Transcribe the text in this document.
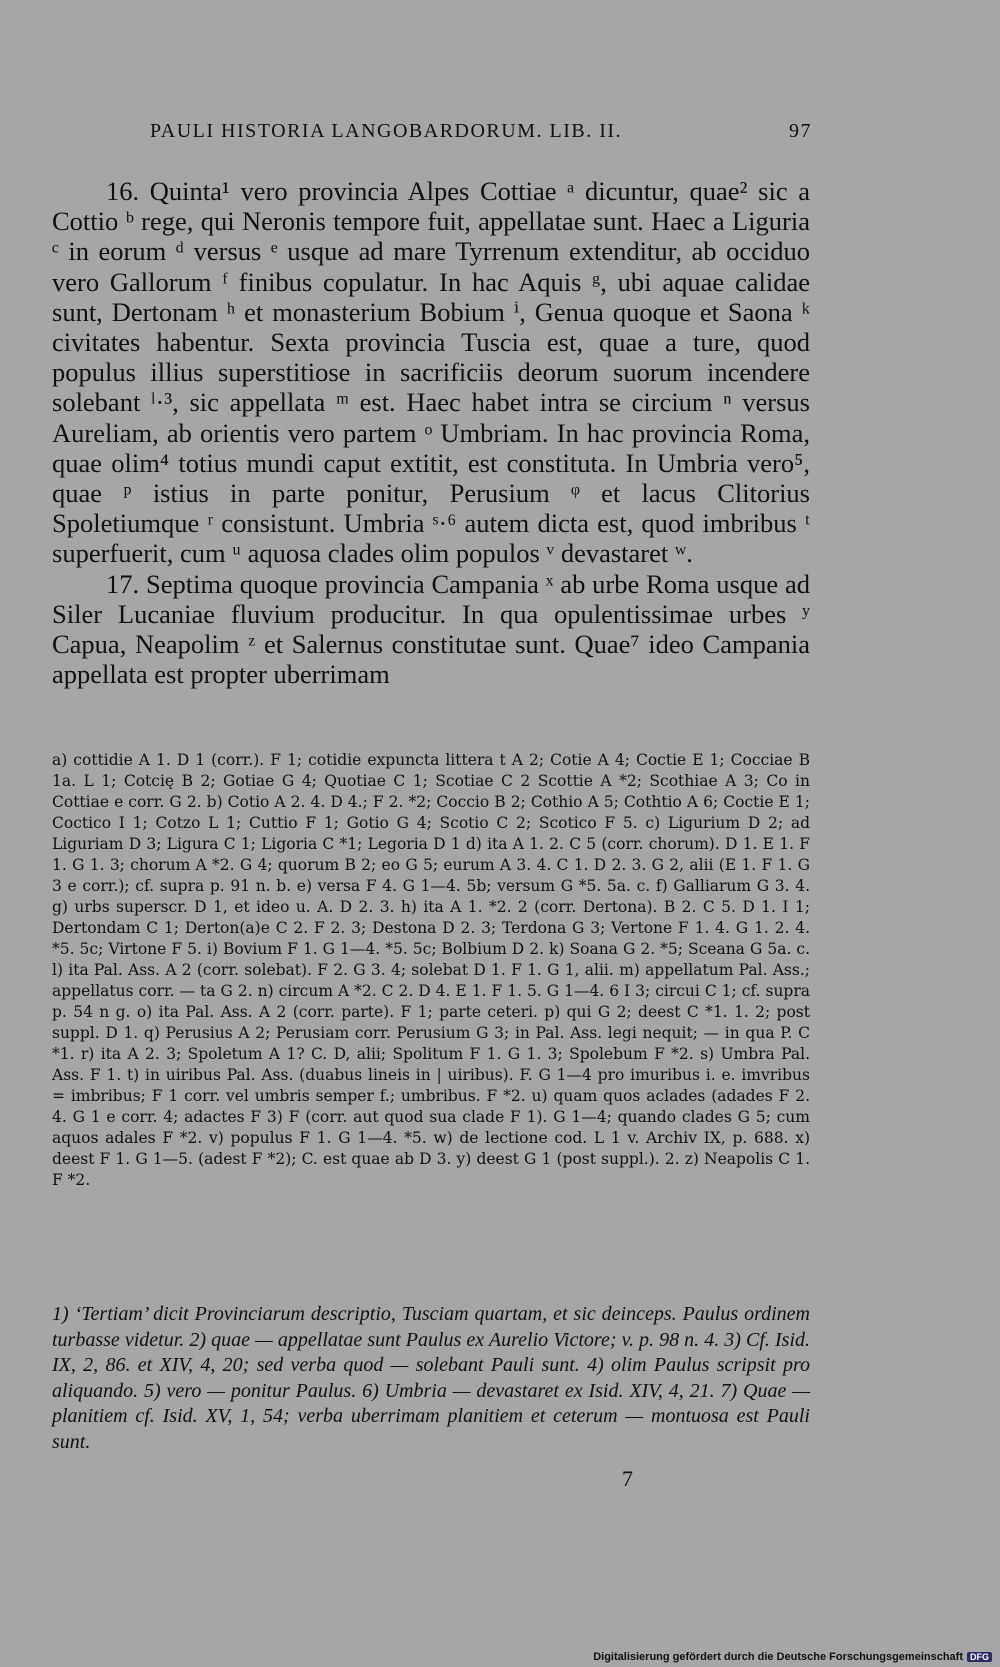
PAULI HISTORIA LANGOBARDORUM. LIB. II.	97

16. Quinta¹ vero provincia Alpes Cottiae ᵃ dicuntur, quae² sic a Cottio ᵇ rege, qui Neronis tempore fuit, appellatae sunt. Haec a Liguria ᶜ in eorum ᵈ versus ᵉ usque ad mare Tyrrenum extenditur, ab occiduo vero Gallorum ᶠ finibus copulatur. In hac Aquis ᵍ, ubi aquae calidae sunt, Dertonam ʰ et monasterium Bobium ⁱ, Genua quoque et Saona ᵏ civitates habentur. Sexta provincia Tuscia est, quae a ture, quod populus illius superstitiose in sacrificiis deorum suorum incendere solebant ˡ·³, sic appellata ᵐ est. Haec habet intra se circium ⁿ versus Aureliam, ab orientis vero partem ᵒ Umbriam. In hac provincia Roma, quae olim⁴ totius mundi caput extitit, est constituta. In Umbria vero⁵, quae ᵖ istius in parte ponitur, Perusium ᵠ et lacus Clitorius Spoletiumque ʳ consistunt. Umbria ˢ·⁶ autem dicta est, quod imbribus ᵗ superfuerit, cum ᵘ aquosa clades olim populos ᵛ devastaret ʷ.

17. Septima quoque provincia Campania ˣ ab urbe Roma usque ad Siler Lucaniae fluvium producitur. In qua opulentissimae urbes ʸ Capua, Neapolim ᶻ et Salernus constitutae sunt. Quae⁷ ideo Campania appellata est propter uberrimam

a) cottidie A 1. D 1 (corr.). F 1; cotidie expuncta littera t A 2; Cotie A 4; Coctie E 1; Cocciae B 1a. L 1; Cotcię B 2; Gotiae G 4; Quotiae C 1; Scotiae C 2 Scottie A *2; Scothiae A 3; Co in Cottiae e corr. G 2. b) Cotio A 2. 4. D 4.; F 2. *2; Coccio B 2; Cothio A 5; Cothtio A 6; Coctie E 1; Coctico I 1; Cotzo L 1; Cuttio F 1; Gotio G 4; Scotio C 2; Scotico F 5. c) Ligurium D 2; ad Liguriam D 3; Ligura C 1; Ligoria C *1; Legoria D 1 d) ita A 1. 2. C 5 (corr. chorum). D 1. E 1. F 1. G 1. 3; chorum A *2. G 4; quorum B 2; eo G 5; eurum A 3. 4. C 1. D 2. 3. G 2, alii (E 1. F 1. G 3 e corr.); cf. supra p. 91 n. b. e) versa F 4. G 1—4. 5b; versum G *5. 5a. c. f) Galliarum G 3. 4. g) urbs superscr. D 1, et ideo u. A. D 2. 3. h) ita A 1. *2. 2 (corr. Dertona). B 2. C 5. D 1. I 1; Dertondam C 1; Derton(a)e C 2. F 2. 3; Destona D 2. 3; Terdona G 3; Vertone F 1. 4. G 1. 2. 4. *5. 5c; Virtone F 5. i) Bovium F 1. G 1—4. *5. 5c; Bolbium D 2. k) Soana G 2. *5; Sceana G 5a. c. l) ita Pal. Ass. A 2 (corr. solebat). F 2. G 3. 4; solebat D 1. F 1. G 1, alii. m) appellatum Pal. Ass.; appellatus corr. — ta G 2. n) circum A *2. C 2. D 4. E 1. F 1. 5. G 1—4. 6 I 3; circui C 1; cf. supra p. 54 n g. o) ita Pal. Ass. A 2 (corr. parte). F 1; parte ceteri. p) qui G 2; deest C *1. 1. 2; post suppl. D 1. q) Perusius A 2; Perusiam corr. Perusium G 3; in Pal. Ass. legi nequit; — in qua P. C *1. r) ita A 2. 3; Spoletum A 1? C. D, alii; Spolitum F 1. G 1. 3; Spolebum F *2. s) Umbra Pal. Ass. F 1. t) in uiribus Pal. Ass. (duabus lineis in | uiribus). F. G 1—4 pro imuribus i. e. imvribus = imbribus; F 1 corr. vel umbris semper f.; umbribus. F *2. u) quam quos aclades (adades F 2. 4. G 1 e corr. 4; adactes F 3) F (corr. aut quod sua clade F 1). G 1—4; quando clades G 5; cum aquos adales F *2. v) populus F 1. G 1—4. *5. w) de lectione cod. L 1 v. Archiv IX, p. 688. x) deest F 1. G 1—5. (adest F *2); C. est quae ab D 3. y) deest G 1 (post suppl.). 2. z) Neapolis C 1. F *2.

1) ‘Tertiam’ dicit Provinciarum descriptio, Tusciam quartam, et sic deinceps. Paulus ordinem turbasse videtur. 2) quae — appellatae sunt Paulus ex Aurelio Victore; v. p. 98 n. 4. 3) Cf. Isid. IX, 2, 86. et XIV, 4, 20; sed verba quod — solebant Pauli sunt. 4) olim Paulus scripsit pro aliquando. 5) vero — ponitur Paulus. 6) Umbria — devastaret ex Isid. XIV, 4, 21. 7) Quae — planitiem cf. Isid. XV, 1, 54; verba uberrimam planitiem et ceterum — montuosa est Pauli sunt.

7
Digitalisierung gefördert durch die Deutsche Forschungsgemeinschaft DFG
